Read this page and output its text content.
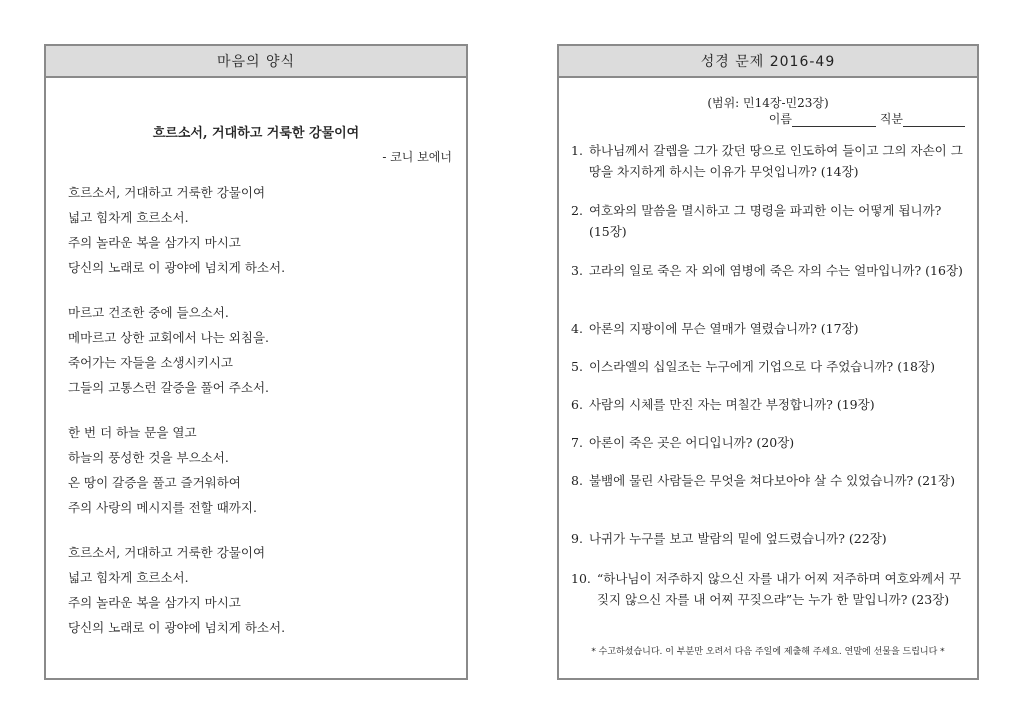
마음의 양식
흐르소서, 거대하고 거룩한 강물이여
- 코니 보에너
흐르소서, 거대하고 거룩한 강물이여
넓고 힘차게 흐르소서.
주의 놀라운 복을 삼가지 마시고
당신의 노래로 이 광야에 넘치게 하소서.
마르고 건조한 중에 들으소서.
메마르고 상한 교회에서 나는 외침을.
죽어가는 자들을 소생시키시고
그들의 고통스런 갈증을 풀어 주소서.
한 번 더 하늘 문을 열고
하늘의 풍성한 것을 부으소서.
온 땅이 갈증을 풀고 즐거워하여
주의 사랑의 메시지를 전할 때까지.
흐르소서, 거대하고 거룩한 강물이여
넓고 힘차게 흐르소서.
주의 놀라운 복을 삼가지 마시고
당신의 노래로 이 광야에 넘치게 하소서.
성경 문제 2016-49
(범위: 민14장-민23장)
이름	직분
1. 하나님께서 갈렙을 그가 갔던 땅으로 인도하여 들이고 그의 자손이 그 땅을 차지하게 하시는 이유가 무엇입니까? (14장)
2. 여호와의 말씀을 멸시하고 그 명령을 파괴한 이는 어떻게 됩니까? (15장)
3. 고라의 일로 죽은 자 외에 염병에 죽은 자의 수는 얼마입니까? (16장)
4. 아론의 지팡이에 무슨 열매가 열렸습니까? (17장)
5. 이스라엘의 십일조는 누구에게 기업으로 다 주었습니까? (18장)
6. 사람의 시체를 만진 자는 며칠간 부정합니까? (19장)
7. 아론이 죽은 곳은 어디입니까? (20장)
8. 불뱀에 물린 사람들은 무엇을 쳐다보아야 살 수 있었습니까? (21장)
9. 나귀가 누구를 보고 발람의 밑에 엎드렸습니까? (22장)
10. “하나님이 저주하지 않으신 자를 내가 어찌 저주하며 여호와께서 꾸짖지 않으신 자를 내 어찌 꾸짖으랴”는 누가 한 말입니까? (23장)
* 수고하셨습니다. 이 부분만 오려서 다음 주일에 제출해 주세요. 연말에 선물을 드립니다 *
